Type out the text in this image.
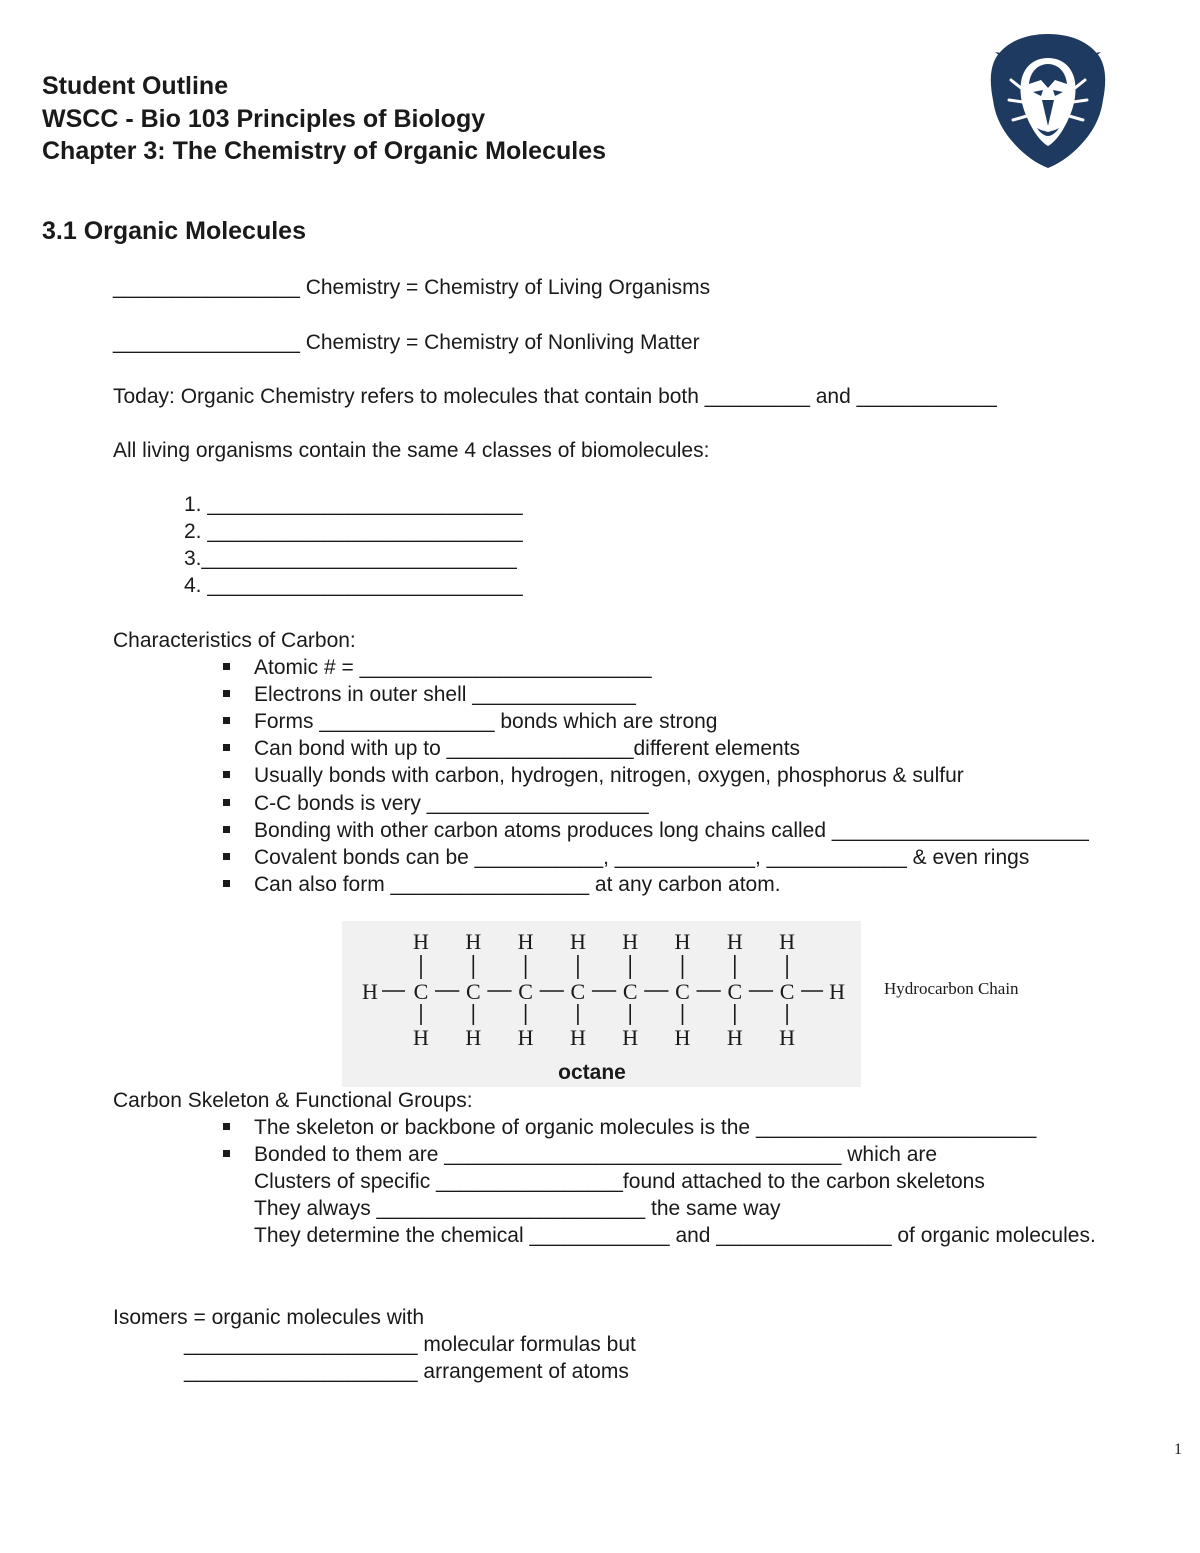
Student Outline
WSCC - Bio 103 Principles of Biology
Chapter 3: The Chemistry of Organic Molecules
3.1 Organic Molecules
________________ Chemistry = Chemistry of Living Organisms
________________ Chemistry = Chemistry of Nonliving Matter
Today: Organic Chemistry refers to molecules that contain both _________ and ____________
All living organisms contain the same 4 classes of biomolecules:
1. ___________________________
2. ___________________________
3.___________________________
4. ___________________________
Characteristics of Carbon:
Atomic # = _________________________
Electrons in outer shell ______________
Forms _______________ bonds which are strong
Can bond with up to ________________different elements
Usually bonds with carbon, hydrogen, nitrogen, oxygen, phosphorus & sulfur
C-C bonds is very ___________________
Bonding with other carbon atoms produces long chains called ______________________
Covalent bonds can be ___________, ____________, ____________ & even rings
Can also form _________________ at any carbon atom.
H C
H
H
C
H
H
C
H
H
C
H
H
C
H
H
C
H
H
C
H
H
C
H
H
H
octane
Hydrocarbon Chain
Carbon Skeleton & Functional Groups:
The skeleton or backbone of organic molecules is the ________________________
Bonded to them are __________________________________ which are
Clusters of specific ________________found attached to the carbon skeletons
They always _______________________ the same way
They determine the chemical ____________ and _______________ of organic molecules.
Isomers = organic molecules with
____________________ molecular formulas but
____________________ arrangement of atoms
1
